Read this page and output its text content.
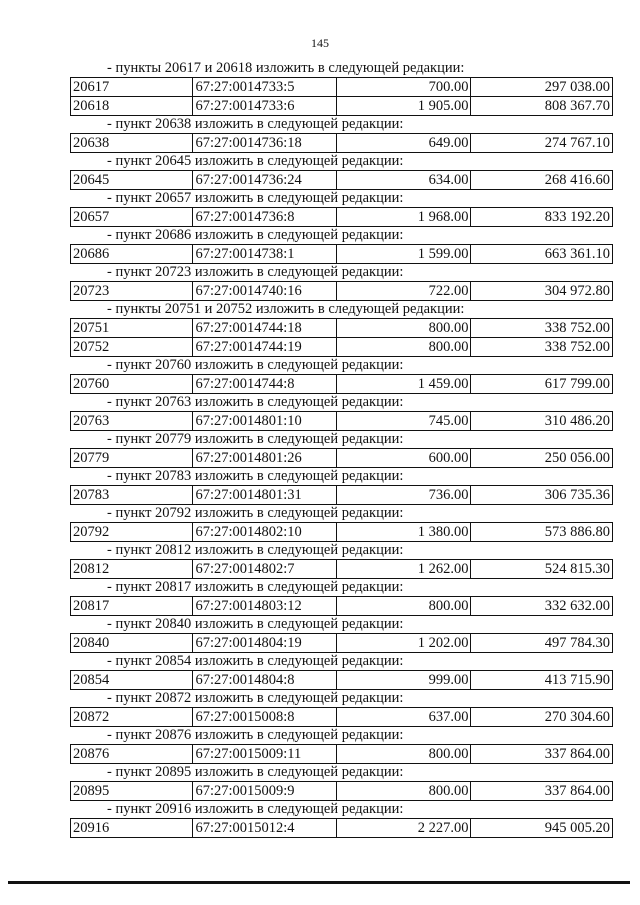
145
- пункты 20617 и 20618 изложить в следующей редакции:
20617	67:27:0014733:5	700.00	297 038.00
20618	67:27:0014733:6	1 905.00	808 367.70
- пункт 20638 изложить в следующей редакции:
20638	67:27:0014736:18	649.00	274 767.10
- пункт 20645 изложить в следующей редакции:
20645	67:27:0014736:24	634.00	268 416.60
- пункт 20657 изложить в следующей редакции:
20657	67:27:0014736:8	1 968.00	833 192.20
- пункт 20686 изложить в следующей редакции:
20686	67:27:0014738:1	1 599.00	663 361.10
- пункт 20723 изложить в следующей редакции:
20723	67:27:0014740:16	722.00	304 972.80
- пункты 20751 и 20752 изложить в следующей редакции:
20751	67:27:0014744:18	800.00	338 752.00
20752	67:27:0014744:19	800.00	338 752.00
- пункт 20760 изложить в следующей редакции:
20760	67:27:0014744:8	1 459.00	617 799.00
- пункт 20763 изложить в следующей редакции:
20763	67:27:0014801:10	745.00	310 486.20
- пункт 20779 изложить в следующей редакции:
20779	67:27:0014801:26	600.00	250 056.00
- пункт 20783 изложить в следующей редакции:
20783	67:27:0014801:31	736.00	306 735.36
- пункт 20792 изложить в следующей редакции:
20792	67:27:0014802:10	1 380.00	573 886.80
- пункт 20812 изложить в следующей редакции:
20812	67:27:0014802:7	1 262.00	524 815.30
- пункт 20817 изложить в следующей редакции:
20817	67:27:0014803:12	800.00	332 632.00
- пункт 20840 изложить в следующей редакции:
20840	67:27:0014804:19	1 202.00	497 784.30
- пункт 20854 изложить в следующей редакции:
20854	67:27:0014804:8	999.00	413 715.90
- пункт 20872 изложить в следующей редакции:
20872	67:27:0015008:8	637.00	270 304.60
- пункт 20876 изложить в следующей редакции:
20876	67:27:0015009:11	800.00	337 864.00
- пункт 20895 изложить в следующей редакции:
20895	67:27:0015009:9	800.00	337 864.00
- пункт 20916 изложить в следующей редакции:
20916	67:27:0015012:4	2 227.00	945 005.20
